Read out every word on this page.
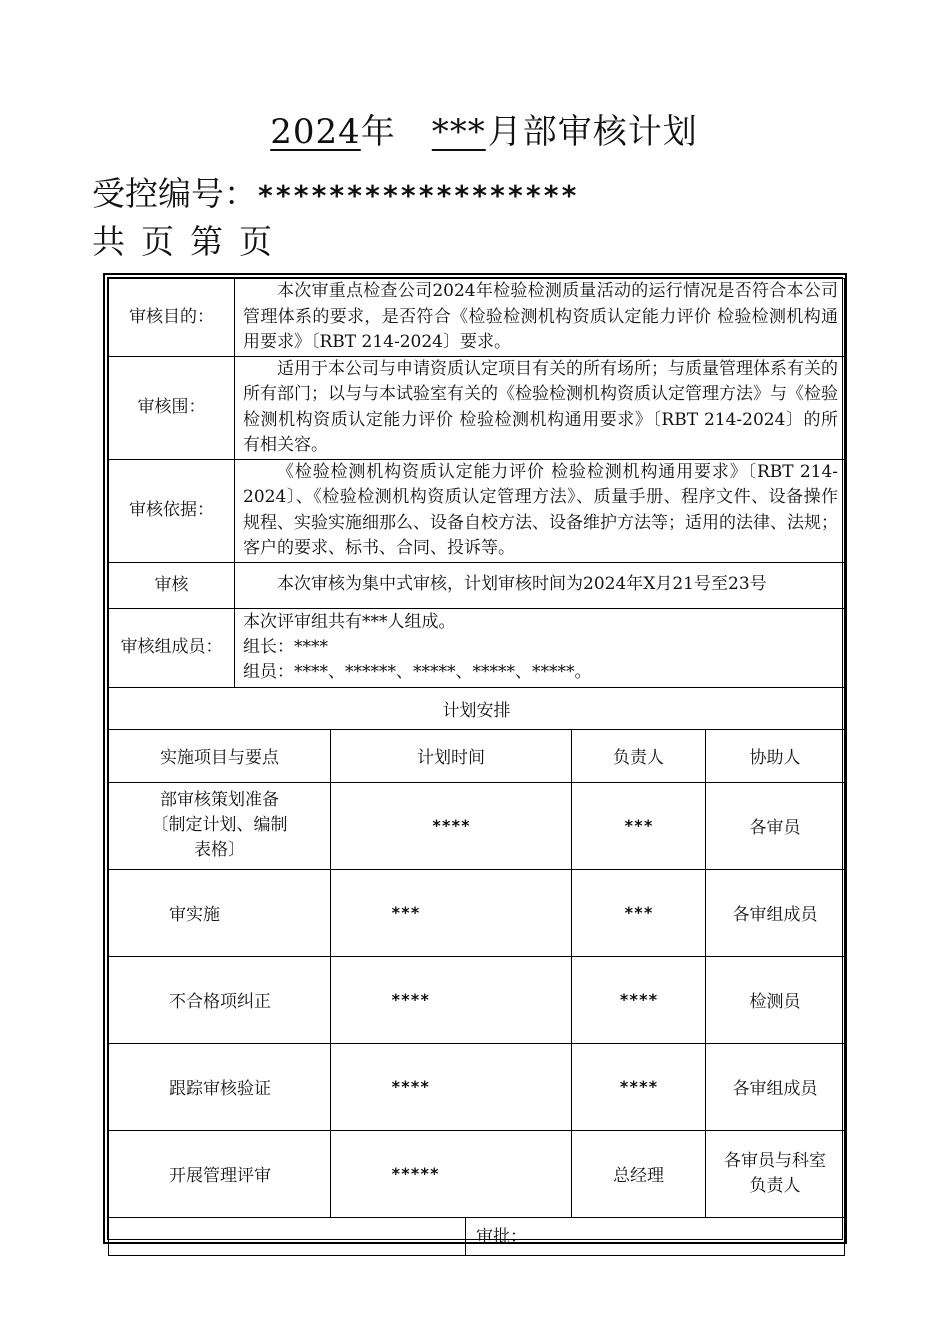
2024年 ***月部审核计划
受控编号：******************
共 页 第 页
审核目的：	本次审重点检查公司2024年检验检测质量活动的运行情况是否符合本公司管理体系的要求，是否符合《检验检测机构资质认定能力评价 检验检测机构通用要求》〔RBT 214-2024〕要求。				
审核围：	适用于本公司与申请资质认定项目有关的所有场所；与质量管理体系有关的所有部门；以与与本试验室有关的《检验检测机构资质认定管理方法》与《检验检测机构资质认定能力评价 检验检测机构通用要求》〔RBT 214-2024〕的所有相关容。				
审核依据：	《检验检测机构资质认定能力评价 检验检测机构通用要求》〔RBT 214-2024〕、《检验检测机构资质认定管理方法》、质量手册、程序文件、设备操作规程、实验实施细那么、设备自校方法、设备维护方法等；适用的法律、法规；客户的要求、标书、合同、投诉等。				
审核	本次审核为集中式审核，计划审核时间为2024年X月21号至23号				
审核组成员：	本次评审组共有***人组成。
组长：****
组员：****、******、*****、*****、*****。				

计划安排					
实施项目与要点		计划时间		负责人	协助人
部审核策划准备〔制定计划、编制表格〕		****		***	各审员
审实施		***		***	各审组成员
不合格项纠正		****		****	检测员
跟踪审核验证		****		****	各审组成员
开展管理评审		*****		总经理	各审员与科室负责人
			审批：		
